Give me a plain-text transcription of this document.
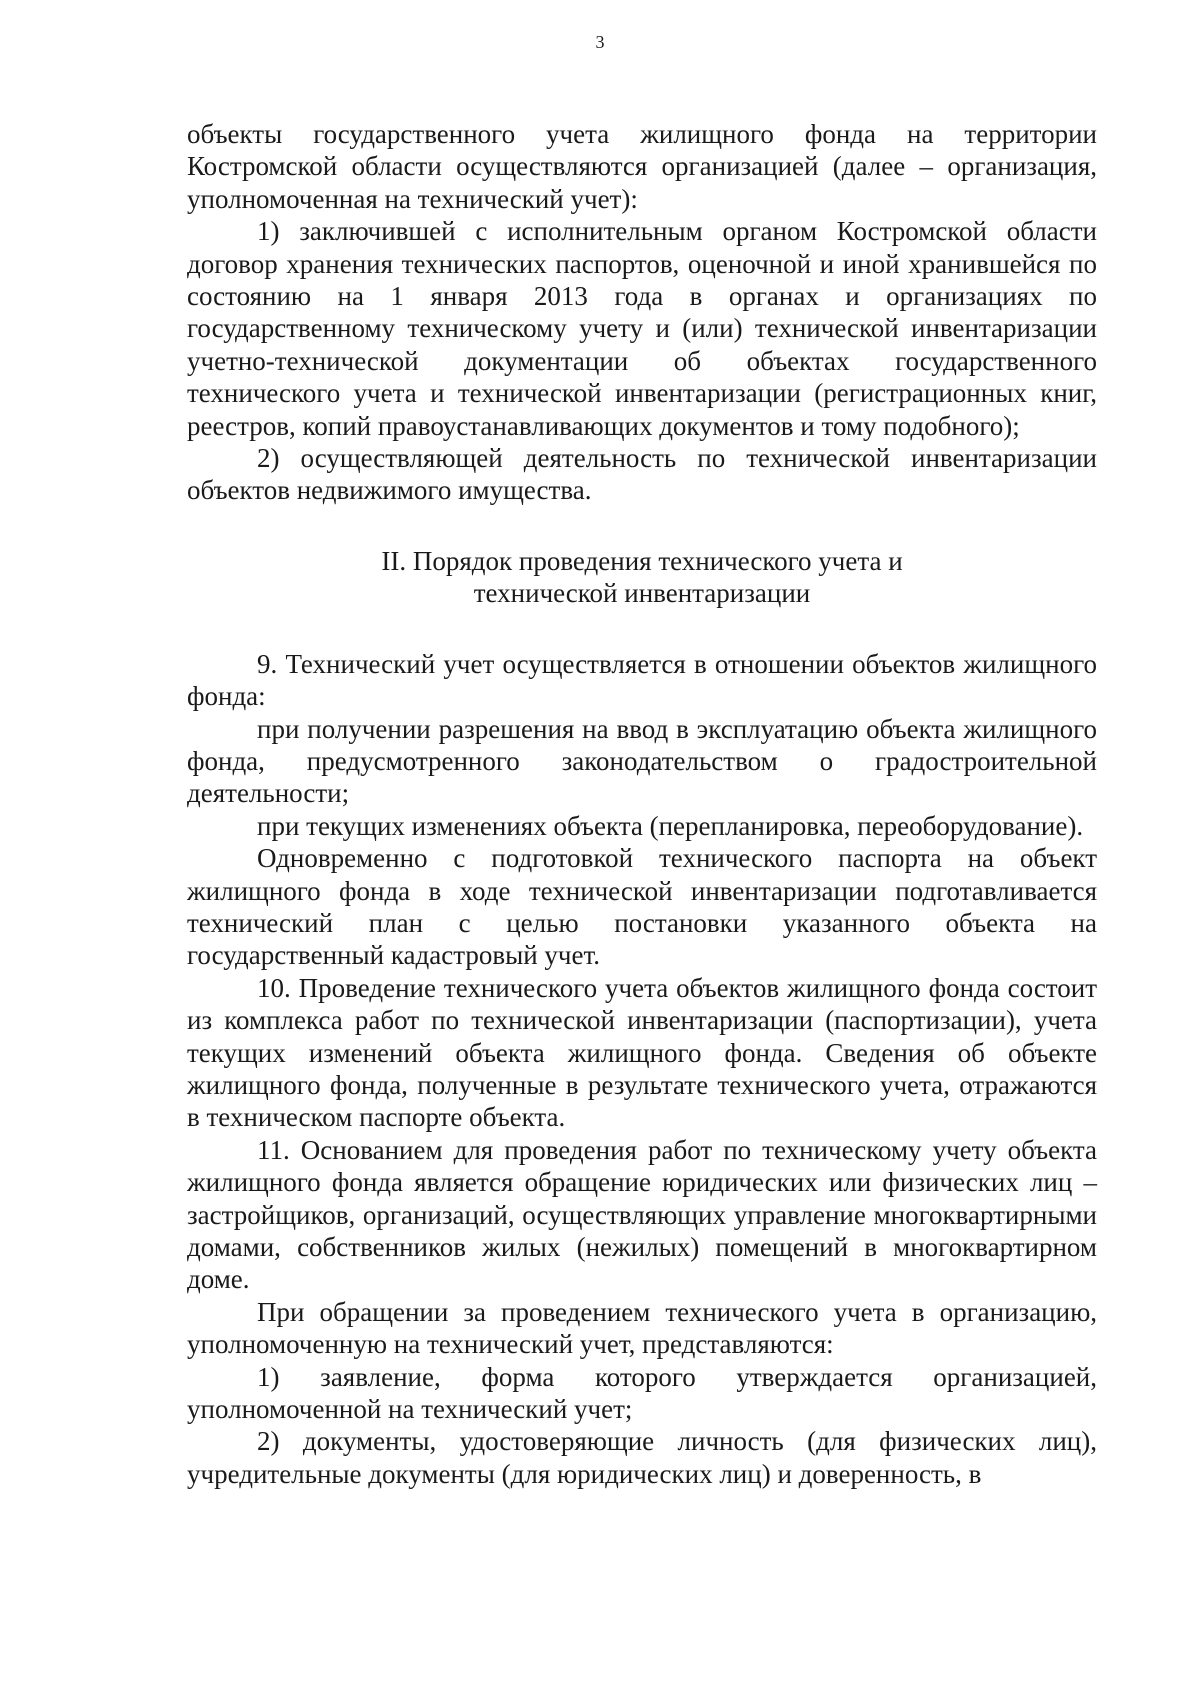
3

объекты государственного учета жилищного фонда на территории Костромской области осуществляются организацией (далее – организация, уполномоченная на технический учет):

1) заключившей с исполнительным органом Костромской области договор хранения технических паспортов, оценочной и иной хранившейся по состоянию на 1 января 2013 года в органах и организациях по государственному техническому учету и (или) технической инвентаризации учетно-технической документации об объектах государственного технического учета и технической инвентаризации (регистрационных книг, реестров, копий правоустанавливающих документов и тому подобного);

2) осуществляющей деятельность по технической инвентаризации объектов недвижимого имущества.

II. Порядок проведения технического учета и технической инвентаризации

9. Технический учет осуществляется в отношении объектов жилищного фонда:

при получении разрешения на ввод в эксплуатацию объекта жилищного фонда, предусмотренного законодательством о градостроительной деятельности;

при текущих изменениях объекта (перепланировка, переоборудование).

Одновременно с подготовкой технического паспорта на объект жилищного фонда в ходе технической инвентаризации подготавливается технический план с целью постановки указанного объекта на государственный кадастровый учет.

10. Проведение технического учета объектов жилищного фонда состоит из комплекса работ по технической инвентаризации (паспортизации), учета текущих изменений объекта жилищного фонда. Сведения об объекте жилищного фонда, полученные в результате технического учета, отражаются в техническом паспорте объекта.

11. Основанием для проведения работ по техническому учету объекта жилищного фонда является обращение юридических или физических лиц – застройщиков, организаций, осуществляющих управление многоквартирными домами, собственников жилых (нежилых) помещений в многоквартирном доме.

При обращении за проведением технического учета в организацию, уполномоченную на технический учет, представляются:

1) заявление, форма которого утверждается организацией, уполномоченной на технический учет;

2) документы, удостоверяющие личность (для физических лиц), учредительные документы (для юридических лиц) и доверенность, в
